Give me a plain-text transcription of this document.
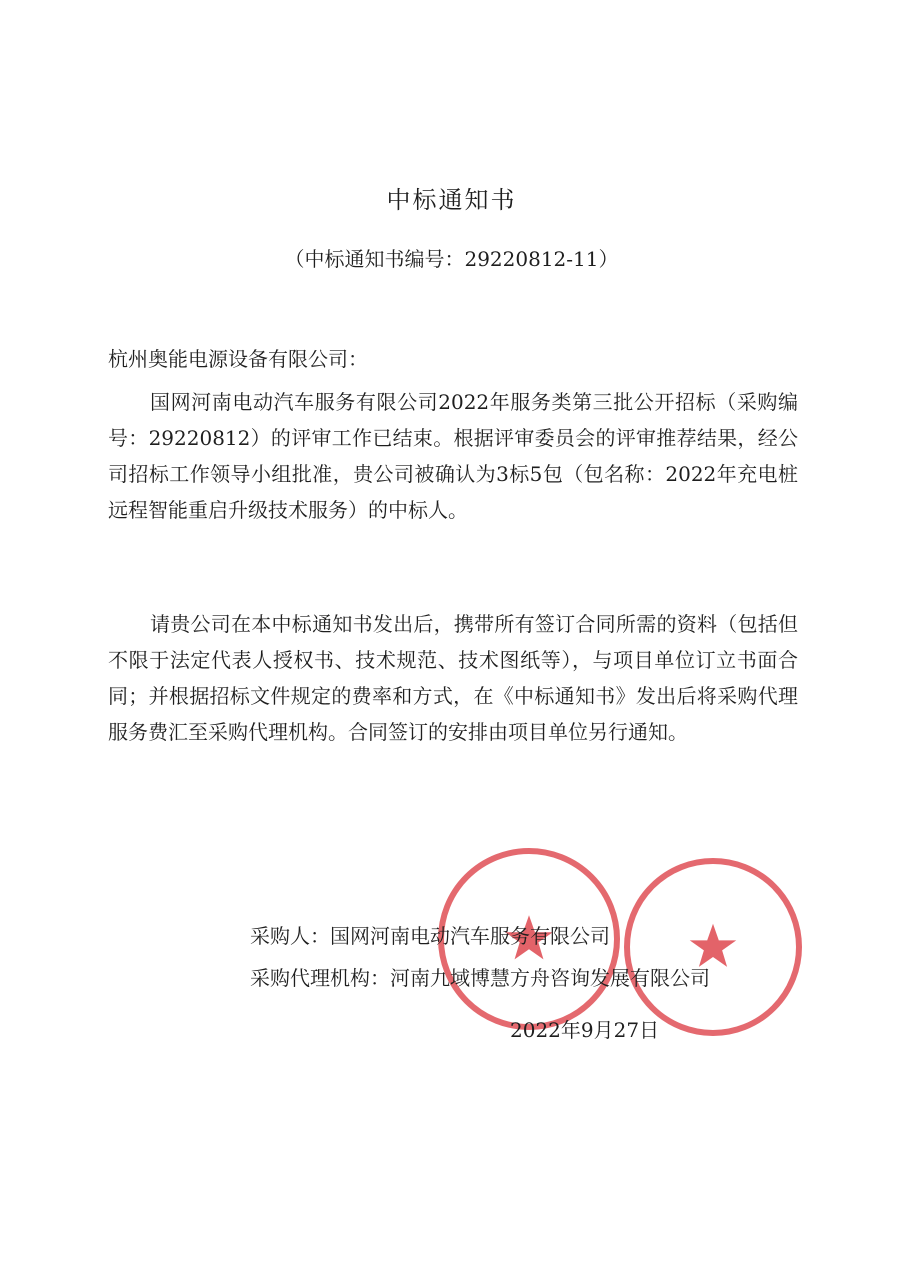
中标通知书
（中标通知书编号：29220812-11）
杭州奥能电源设备有限公司：
国网河南电动汽车服务有限公司2022年服务类第三批公开招标（采购编号：29220812）的评审工作已结束。根据评审委员会的评审推荐结果，经公司招标工作领导小组批准，贵公司被确认为3标5包（包名称：2022年充电桩远程智能重启升级技术服务）的中标人。
请贵公司在本中标通知书发出后，携带所有签订合同所需的资料（包括但不限于法定代表人授权书、技术规范、技术图纸等），与项目单位订立书面合同；并根据招标文件规定的费率和方式，在《中标通知书》发出后将采购代理服务费汇至采购代理机构。合同签订的安排由项目单位另行通知。
采购人：国网河南电动汽车服务有限公司
采购代理机构：河南九域博慧方舟咨询发展有限公司
2022年9月27日
